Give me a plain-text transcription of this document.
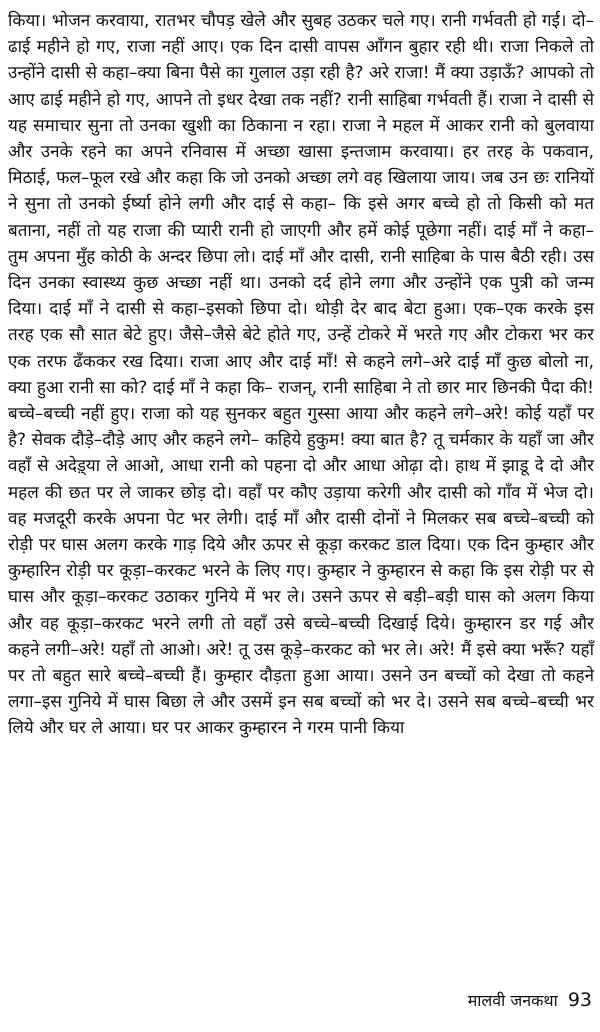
किया। भोजन करवाया, रातभर चौपड़ खेले और सुबह उठकर चले गए। रानी गर्भवती हो गई। दो–ढाई महीने हो गए, राजा नहीं आए। एक दिन दासी वापस आँगन बुहार रही थी। राजा निकले तो उन्होंने दासी से कहा–क्या बिना पैसे का गुलाल उड़ा रही है? अरे राजा! मैं क्या उड़ाऊँ? आपको तो आए ढाई महीने हो गए, आपने तो इधर देखा तक नहीं? रानी साहिबा गर्भवती हैं। राजा ने दासी से यह समाचार सुना तो उनका खुशी का ठिकाना न रहा। राजा ने महल में आकर रानी को बुलवाया और उनके रहने का अपने रनिवास में अच्छा खासा इन्तजाम करवाया। हर तरह के पकवान, मिठाई, फल–फूल रखे और कहा कि जो उनको अच्छा लगे वह खिलाया जाय। जब उन छः रानियों ने सुना तो उनको ईर्ष्या होने लगी और दाई से कहा– कि इसे अगर बच्चे हो तो किसी को मत बताना, नहीं तो यह राजा की प्यारी रानी हो जाएगी और हमें कोई पूछेगा नहीं। दाई माँ ने कहा–तुम अपना मुँह कोठी के अन्दर छिपा लो। दाई माँ और दासी, रानी साहिबा के पास बैठी रही। उस दिन उनका स्वास्थ्य कुछ अच्छा नहीं था। उनको दर्द होने लगा और उन्होंने एक पुत्री को जन्म दिया। दाई माँ ने दासी से कहा–इसको छिपा दो। थोड़ी देर बाद बेटा हुआ। एक–एक करके इस तरह एक सौ सात बेटे हुए। जैसे–जैसे बेटे होते गए, उन्हें टोकरे में भरते गए और टोकरा भर कर एक तरफ ढँककर रख दिया। राजा आए और दाई माँ! से कहने लगे–अरे दाई माँ कुछ बोलो ना, क्या हुआ रानी सा को? दाई माँ ने कहा कि– राजन्, रानी साहिबा ने तो छार मार छिनकी पैदा की! बच्चे–बच्ची नहीं हुए। राजा को यह सुनकर बहुत गुस्सा आया और कहने लगे–अरे! कोई यहाँ पर है? सेवक दौड़े–दौड़े आए और कहने लगे– कहिये हुकुम! क्या बात है? तू चर्मकार के यहाँ जा और वहाँ से अदेड़्या ले आओ, आधा रानी को पहना दो और आधा ओढ़ा दो। हाथ में झाडू दे दो और महल की छत पर ले जाकर छोड़ दो। वहाँ पर कौए उड़ाया करेगी और दासी को गाँव में भेज दो। वह मजदूरी करके अपना पेट भर लेगी। दाई माँ और दासी दोनों ने मिलकर सब बच्चे–बच्ची को रोड़ी पर घास अलग करके गाड़ दिये और ऊपर से कूड़ा करकट डाल दिया। एक दिन कुम्हार और कुम्हारिन रोड़ी पर कूड़ा–करकट भरने के लिए गए। कुम्हार ने कुम्हारन से कहा कि इस रोड़ी पर से घास और कूड़ा–करकट उठाकर गुनिये में भर ले। उसने ऊपर से बड़ी–बड़ी घास को अलग किया और वह कूड़ा–करकट भरने लगी तो वहाँ उसे बच्चे–बच्ची दिखाई दिये। कुम्हारन डर गई और कहने लगी–अरे! यहाँ तो आओ। अरे! तू उस कूड़े–करकट को भर ले। अरे! मैं इसे क्या भरूँ? यहाँ पर तो बहुत सारे बच्चे–बच्ची हैं। कुम्हार दौड़ता हुआ आया। उसने उन बच्चों को देखा तो कहने लगा–इस गुनिये में घास बिछा ले और उसमें इन सब बच्चों को भर दे। उसने सब बच्चे–बच्ची भर लिये और घर ले आया। घर पर आकर कुम्हारन ने गरम पानी किया

मालवी जनकथा 93
